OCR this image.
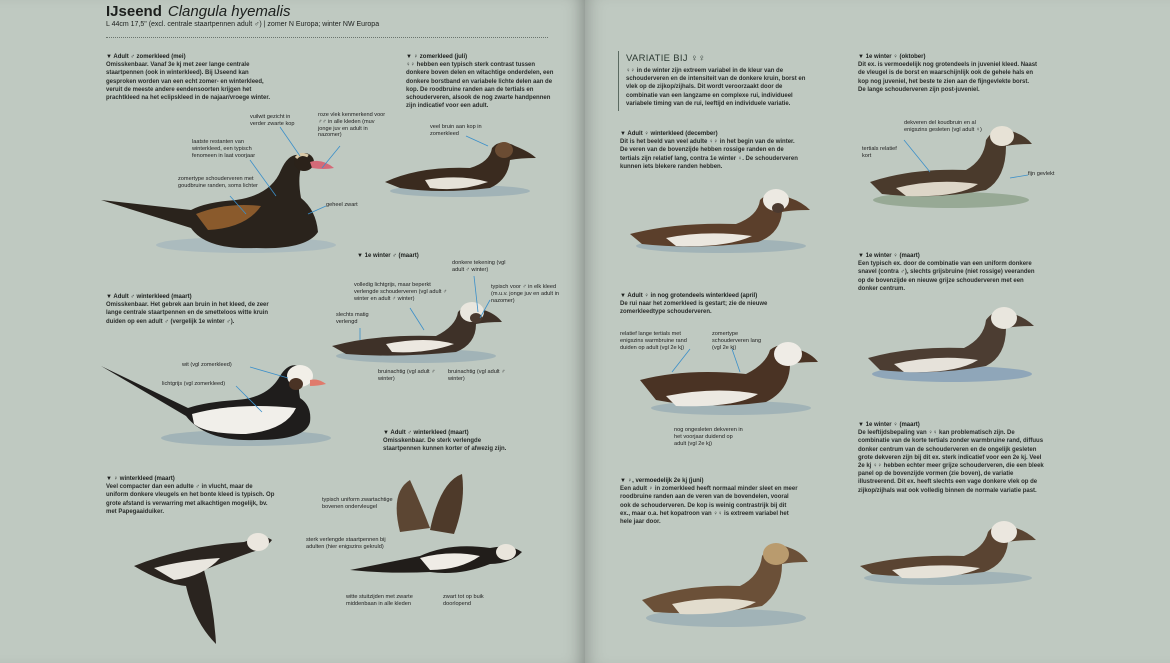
IJseend Clangula hyemalis
L 44cm 17,5" (excl. centrale staartpennen adult ♂) | zomer N Europa; winter NW Europa
VARIATIE BIJ ♀♀
♀♀ in de winter zijn extreem variabel in de kleur van de schouderveren en de intensiteit van de donkere kruin, borst en vlek op de zijkop/zijhals. Dit wordt veroorzaakt door de combinatie van een langzame en complexe rui, individueel variabele timing van de rui, leeftijd en individuele variatie.
▼ Adult ♂ zomerkleed (mei)
Omisskenbaar. Vanaf 3e kj met zeer lange centrale staartpennen (ook in winterkleed). Bij IJseend kan gesproken worden van een echt zomer- en winterkleed, veruit de meeste andere eendensoorten krijgen het prachtkleed na het eclipskleed in de najaar/vroege winter.
▼ ♀ zomerkleed (juli)
♀♀ hebben een typisch sterk contrast tussen donkere boven delen en witachtige onderdelen, een donkere borstband en variabele lichte delen aan de kop. De roodbruine randen aan de tertials en schouderveren, alsook de nog zwarte handpennen zijn indicatief voor een adult.
▼ Adult ♂ winterkleed (maart)
Omisskenbaar. Het gebrek aan bruin in het kleed, de zeer lange centrale staartpennen en de smetteloos witte kruin duiden op een adult ♂ (vergelijk 1e winter ♂).
▼ 1e winter ♂ (maart)
▼ Adult ♂ winterkleed (maart)
Omisskenbaar. De sterk verlengde staartpennen kunnen korter of afwezig zijn.
▼ ♀ winterkleed (maart)
Veel compacter dan een adulte ♂ in vlucht, maar de uniform donkere vleugels en het bonte kleed is typisch. Op grote afstand is verwarring met alkachtigen mogelijk, bv. met Papegaaiduiker.
▼ Adult ♀ winterkleed (december)
Dit is het beeld van veel adulte ♀♀ in het begin van de winter. De veren van de bovenzijde hebben rossige randen en de tertials zijn relatief lang, contra 1e winter ♀. De schouderveren kunnen iets blekere randen hebben.
▼ Adult ♀ in nog grotendeels winterkleed (april)
De rui naar het zomerkleed is gestart; zie de nieuwe zomerkleedtype schouderveren.
▼ ♀, vermoedelijk 2e kj (juni)
Een adult ♀ in zomerkleed heeft normaal minder sleet en meer roodbruine randen aan de veren van de bovendelen, vooral ook de schouderveren. De kop is weinig contrastrijk bij dit ex., maar o.a. het kopatroon van ♀♀ is extreem variabel het hele jaar door.
▼ 1e winter ♀ (oktober)
Dit ex. is vermoedelijk nog grotendeels in juveniel kleed. Naast de vleugel is de borst en waarschijnlijk ook de gehele hals en kop nog juveniel, het beste te zien aan de fijngevlekte borst. De lange schouderveren zijn post-juveniel.
▼ 1e winter ♀ (maart)
Een typisch ex. door de combinatie van een uniform donkere snavel (contra ♂), slechts grijsbruine (niet rossige) veeranden op de bovenzijde en nieuwe grijze schouderveren met een donker centrum.
▼ 1e winter ♀ (maart)
De leeftijdsbepaling van ♀♀ kan problematisch zijn. De combinatie van de korte tertials zonder warmbruine rand, diffuus donker centrum van de schouderveren en de ongelijk gesleten grote dekveren zijn bij dit ex. sterk indicatief voor een 2e kj. Veel 2e kj ♀♀ hebben echter meer grijze schouderveren, die een bleek panel op de bovenzijde vormen (zie boven), de variatie illustreerend. Dit ex. heeft slechts een vage donkere vlek op de zijkop/zijhals wat ook volledig binnen de normale variatie past.
vuilwit gezicht in verder zwarte kop
roze vlek kenmerkend voor ♂♂ in alle kleden (muv jonge juv en adult in nazomer)
laatste restanten van winterkleed, een typisch fenomeen in laat voorjaar
zomertype schouderveren met goudbruine randen, soms lichter
geheel zwart
veel bruin aan kop in zomerkleed
donkere tekening (vgl adult ♂ winter)
volledig lichtgrijs, maar beperkt verlengde schouderveren (vgl adult ♂ winter en adult ♂ winter)
typisch voor ♂ in elk kleed (m.u.v. jonge juv en adult in nazomer)
slechts matig verlengd
bruinachtig (vgl adult ♂ winter)
bruinachtig (vgl adult ♂ winter)
wit (vgl zomerkleed)
lichtgrijs (vgl zomerkleed)
typisch uniform zwartachtige bovenen ondervleugel
sterk verlengde staartpennen bij adulten (hier enigszins gekruld)
witte stuitzijden met zwarte middenbaan in alle kleden
zwart tot op buik doorlopend
relatief lange tertials met enigszins warmbruine rand duiden op adult (vgl 2e kj)
zomertype schouderveren lang (vgl 2e kj)
nog ongesleten dekveren in het voorjaar duidend op adult (vgl 2e kj)
dekveren del koudbruin en al enigszins gesleten (vgl adult ♀)
tertials relatief kort
fijn gevlekt
